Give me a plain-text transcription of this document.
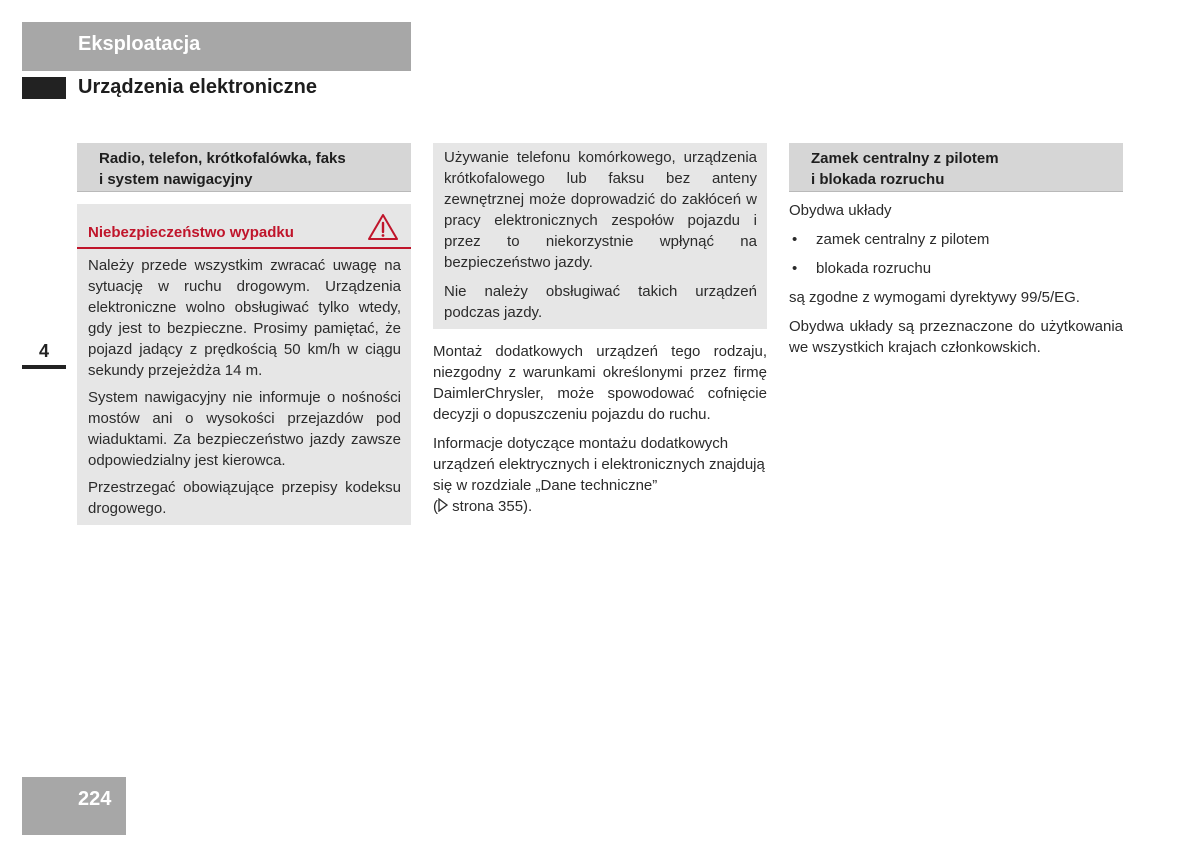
Eksploatacja
Urządzenia elektroniczne
4
224
Radio, telefon, krótkofalówka, faks
i system nawigacyjny
Niebezpieczeństwo wypadku

Należy przede wszystkim zwracać uwagę na sytuację w ruchu drogowym. Urządzenia elektroniczne wolno obsługiwać tylko wtedy, gdy jest to bezpieczne. Prosimy pamiętać, że pojazd jadący z prędkością 50 km/h w ciągu sekundy przejeżdża 14 m.

System nawigacyjny nie informuje o nośności mostów ani o wysokości przejazdów pod wiaduktami. Za bezpieczeństwo jazdy zawsze odpowiedzialny jest kierowca.

Przestrzegać obowiązujące przepisy kodeksu drogowego.

Używanie telefonu komórkowego, urządzenia krótkofalowego lub faksu bez anteny zewnętrznej może doprowadzić do zakłóceń w pracy elektronicznych zespołów pojazdu i przez to niekorzystnie wpłynąć na bezpieczeństwo jazdy.

Nie należy obsługiwać takich urządzeń podczas jazdy.

Montaż dodatkowych urządzeń tego rodzaju, niezgodny z warunkami określonymi przez firmę DaimlerChrysler, może spowodować cofnięcie decyzji o dopuszczeniu pojazdu do ruchu.

Informacje dotyczące montażu dodatkowych urządzeń elektrycznych i elektronicznych znajdują się w rozdziale „Dane techniczne”
( strona 355).

Zamek centralny z pilotem
i blokada rozruchu

Obydwa układy

• zamek centralny z pilotem
• blokada rozruchu

są zgodne z wymogami dyrektywy 99/5/EG.

Obydwa układy są przeznaczone do użytkowania we wszystkich krajach członkowskich.
